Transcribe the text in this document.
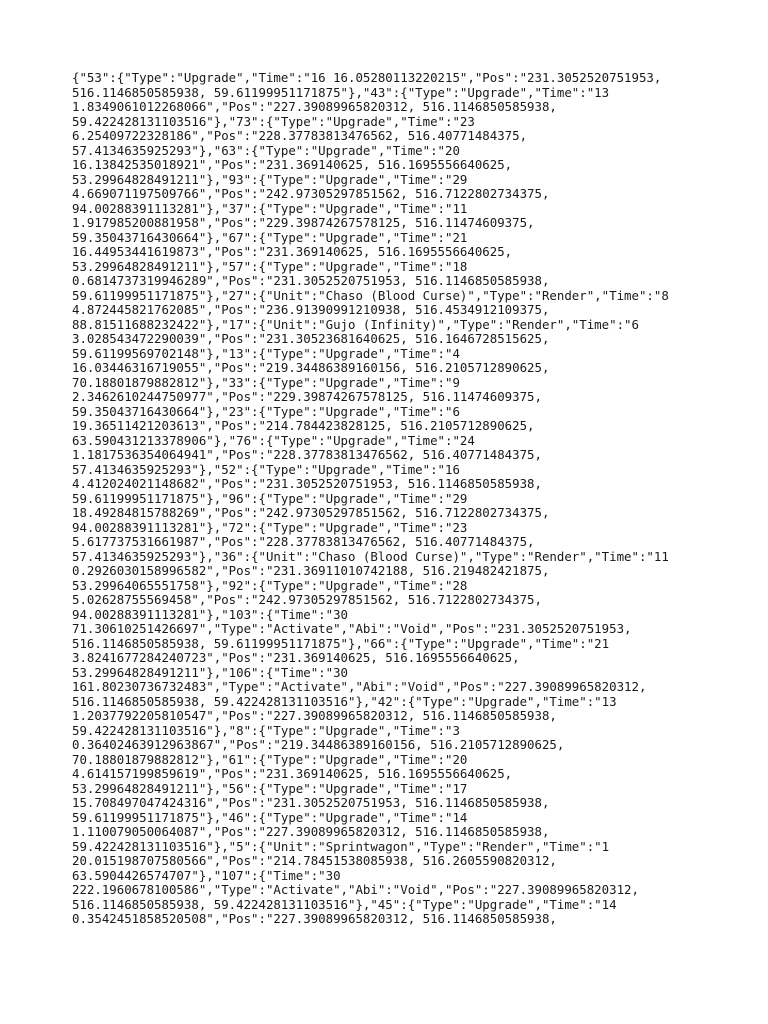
{"53":{"Type":"Upgrade","Time":"16 16.05280113220215","Pos":"231.3052520751953,
516.1146850585938, 59.61199951171875"},"43":{"Type":"Upgrade","Time":"13
1.8349061012268066","Pos":"227.39089965820312, 516.1146850585938,
59.422428131103516"},"73":{"Type":"Upgrade","Time":"23
6.25409722328186","Pos":"228.37783813476562, 516.40771484375,
57.4134635925293"},"63":{"Type":"Upgrade","Time":"20
16.13842535018921","Pos":"231.369140625, 516.1695556640625,
53.29964828491211"},"93":{"Type":"Upgrade","Time":"29
4.669071197509766","Pos":"242.97305297851562, 516.7122802734375,
94.00288391113281"},"37":{"Type":"Upgrade","Time":"11
1.917985200881958","Pos":"229.39874267578125, 516.11474609375,
59.35043716430664"},"67":{"Type":"Upgrade","Time":"21
16.44953441619873","Pos":"231.369140625, 516.1695556640625,
53.29964828491211"},"57":{"Type":"Upgrade","Time":"18
0.6814737319946289","Pos":"231.3052520751953, 516.1146850585938,
59.61199951171875"},"27":{"Unit":"Chaso (Blood Curse)","Type":"Render","Time":"8
4.872445821762085","Pos":"236.91390991210938, 516.4534912109375,
88.81511688232422"},"17":{"Unit":"Gujo (Infinity)","Type":"Render","Time":"6
3.028543472290039","Pos":"231.30523681640625, 516.1646728515625,
59.61199569702148"},"13":{"Type":"Upgrade","Time":"4
16.03446316719055","Pos":"219.34486389160156, 516.2105712890625,
70.18801879882812"},"33":{"Type":"Upgrade","Time":"9
2.3462610244750977","Pos":"229.39874267578125, 516.11474609375,
59.35043716430664"},"23":{"Type":"Upgrade","Time":"6
19.36511421203613","Pos":"214.784423828125, 516.2105712890625,
63.590431213378906"},"76":{"Type":"Upgrade","Time":"24
1.1817536354064941","Pos":"228.37783813476562, 516.40771484375,
57.4134635925293"},"52":{"Type":"Upgrade","Time":"16
4.412024021148682","Pos":"231.3052520751953, 516.1146850585938,
59.61199951171875"},"96":{"Type":"Upgrade","Time":"29
18.49284815788269","Pos":"242.97305297851562, 516.7122802734375,
94.00288391113281"},"72":{"Type":"Upgrade","Time":"23
5.617737531661987","Pos":"228.37783813476562, 516.40771484375,
57.4134635925293"},"36":{"Unit":"Chaso (Blood Curse)","Type":"Render","Time":"11
0.2926030158996582","Pos":"231.36911010742188, 516.219482421875,
53.29964065551758"},"92":{"Type":"Upgrade","Time":"28
5.02628755569458","Pos":"242.97305297851562, 516.7122802734375,
94.00288391113281"},"103":{"Time":"30
71.30610251426697","Type":"Activate","Abi":"Void","Pos":"231.3052520751953,
516.1146850585938, 59.61199951171875"},"66":{"Type":"Upgrade","Time":"21
3.8241677284240723","Pos":"231.369140625, 516.1695556640625,
53.29964828491211"},"106":{"Time":"30
161.80230736732483","Type":"Activate","Abi":"Void","Pos":"227.39089965820312,
516.1146850585938, 59.422428131103516"},"42":{"Type":"Upgrade","Time":"13
1.2037792205810547","Pos":"227.39089965820312, 516.1146850585938,
59.422428131103516"},"8":{"Type":"Upgrade","Time":"3
0.36402463912963867","Pos":"219.34486389160156, 516.2105712890625,
70.18801879882812"},"61":{"Type":"Upgrade","Time":"20
4.614157199859619","Pos":"231.369140625, 516.1695556640625,
53.29964828491211"},"56":{"Type":"Upgrade","Time":"17
15.708497047424316","Pos":"231.3052520751953, 516.1146850585938,
59.61199951171875"},"46":{"Type":"Upgrade","Time":"14
1.110079050064087","Pos":"227.39089965820312, 516.1146850585938,
59.422428131103516"},"5":{"Unit":"Sprintwagon","Type":"Render","Time":"1
20.015198707580566","Pos":"214.78451538085938, 516.2605590820312,
63.5904426574707"},"107":{"Time":"30
222.1960678100586","Type":"Activate","Abi":"Void","Pos":"227.39089965820312,
516.1146850585938, 59.422428131103516"},"45":{"Type":"Upgrade","Time":"14
0.3542451858520508","Pos":"227.39089965820312, 516.1146850585938,
